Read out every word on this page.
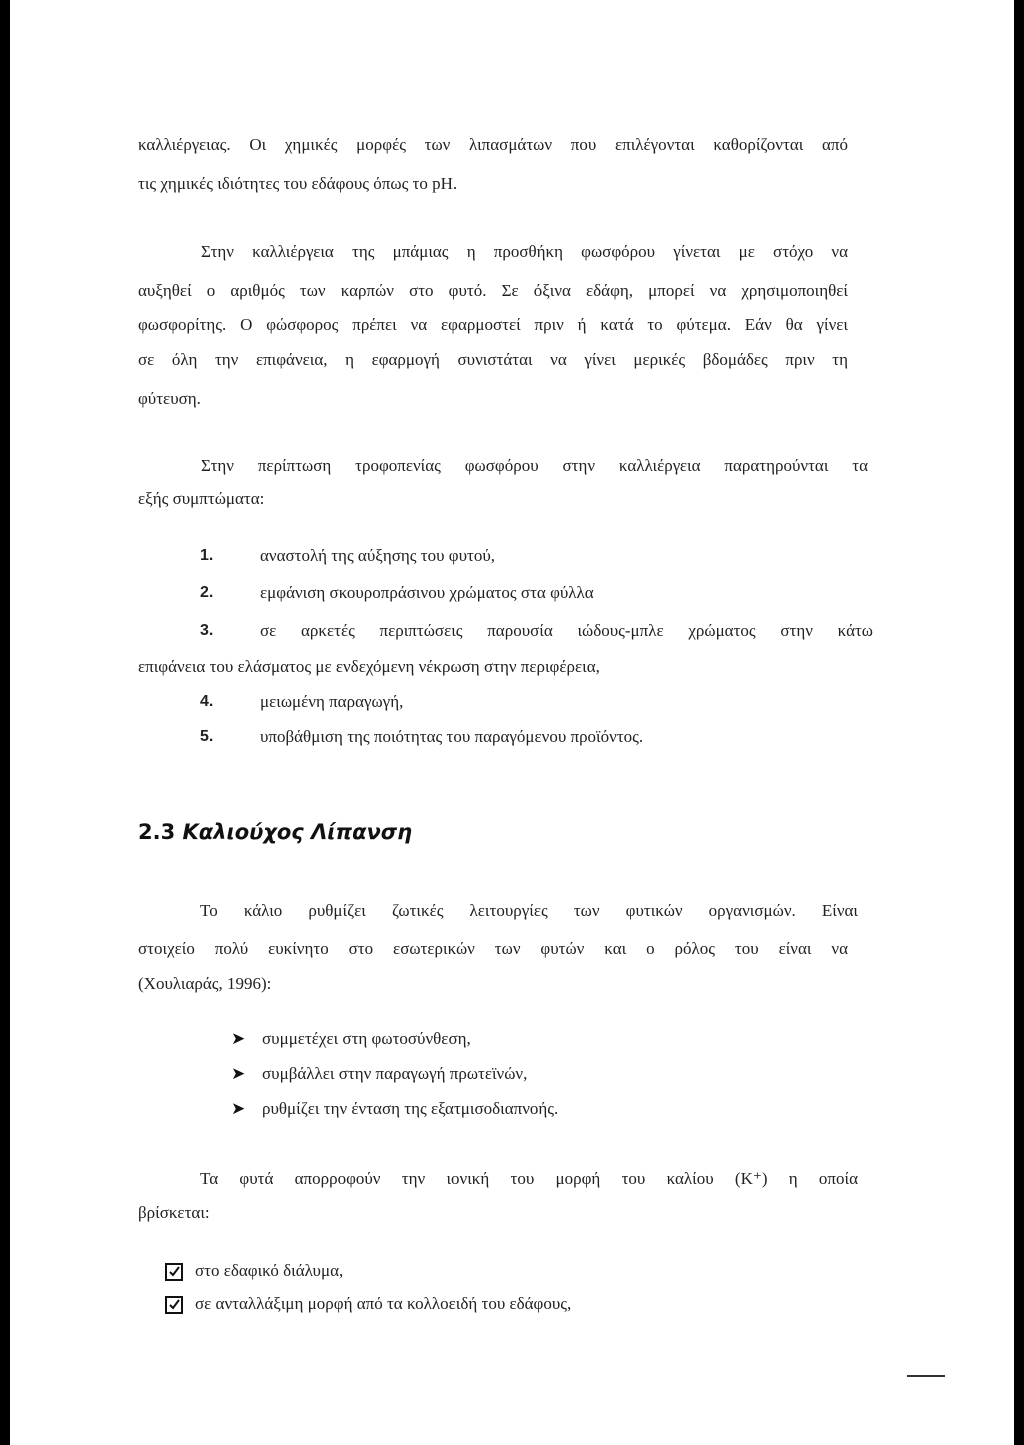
καλλιέργειας. Οι χημικές μορφές των λιπασμάτων που επιλέγονται καθορίζονται από

τις χημικές ιδιότητες του εδάφους όπως το pH.

Στην καλλιέργεια της μπάμιας η προσθήκη φωσφόρου γίνεται με στόχο να

αυξηθεί ο αριθμός των καρπών στο φυτό. Σε όξινα εδάφη, μπορεί να χρησιμοποιηθεί

φωσφορίτης. Ο φώσφορος πρέπει να εφαρμοστεί πριν ή κατά το φύτεμα. Εάν θα γίνει

σε όλη την επιφάνεια, η εφαρμογή συνιστάται να γίνει μερικές βδομάδες πριν τη

φύτευση.

Στην περίπτωση τροφοπενίας φωσφόρου στην καλλιέργεια παρατηρούνται τα

εξής συμπτώματα:

1.	αναστολή της αύξησης του φυτού,

2.	εμφάνιση σκουροπράσινου χρώματος στα φύλλα

3.	σε αρκετές περιπτώσεις παρουσία ιώδους-μπλε χρώματος στην κάτω

επιφάνεια του ελάσματος με ενδεχόμενη νέκρωση στην περιφέρεια,

4.	μειωμένη παραγωγή,

5.	υποβάθμιση της ποιότητας του παραγόμενου προϊόντος.

2.3 Καλιούχος Λίπανση

Το κάλιο ρυθμίζει ζωτικές λειτουργίες των φυτικών οργανισμών. Είναι

στοιχείο πολύ ευκίνητο στο εσωτερικών των φυτών και ο ρόλος του είναι να

(Χουλιαράς, 1996):

➤ συμμετέχει στη φωτοσύνθεση,

➤ συμβάλλει στην παραγωγή πρωτεϊνών,

➤ ρυθμίζει την ένταση της εξατμισοδιαπνοής.

Τα φυτά απορροφούν την ιονική του μορφή του καλίου (K⁺) η οποία

βρίσκεται:

στο εδαφικό διάλυμα,

σε ανταλλάξιμη μορφή από τα κολλοειδή του εδάφους,
